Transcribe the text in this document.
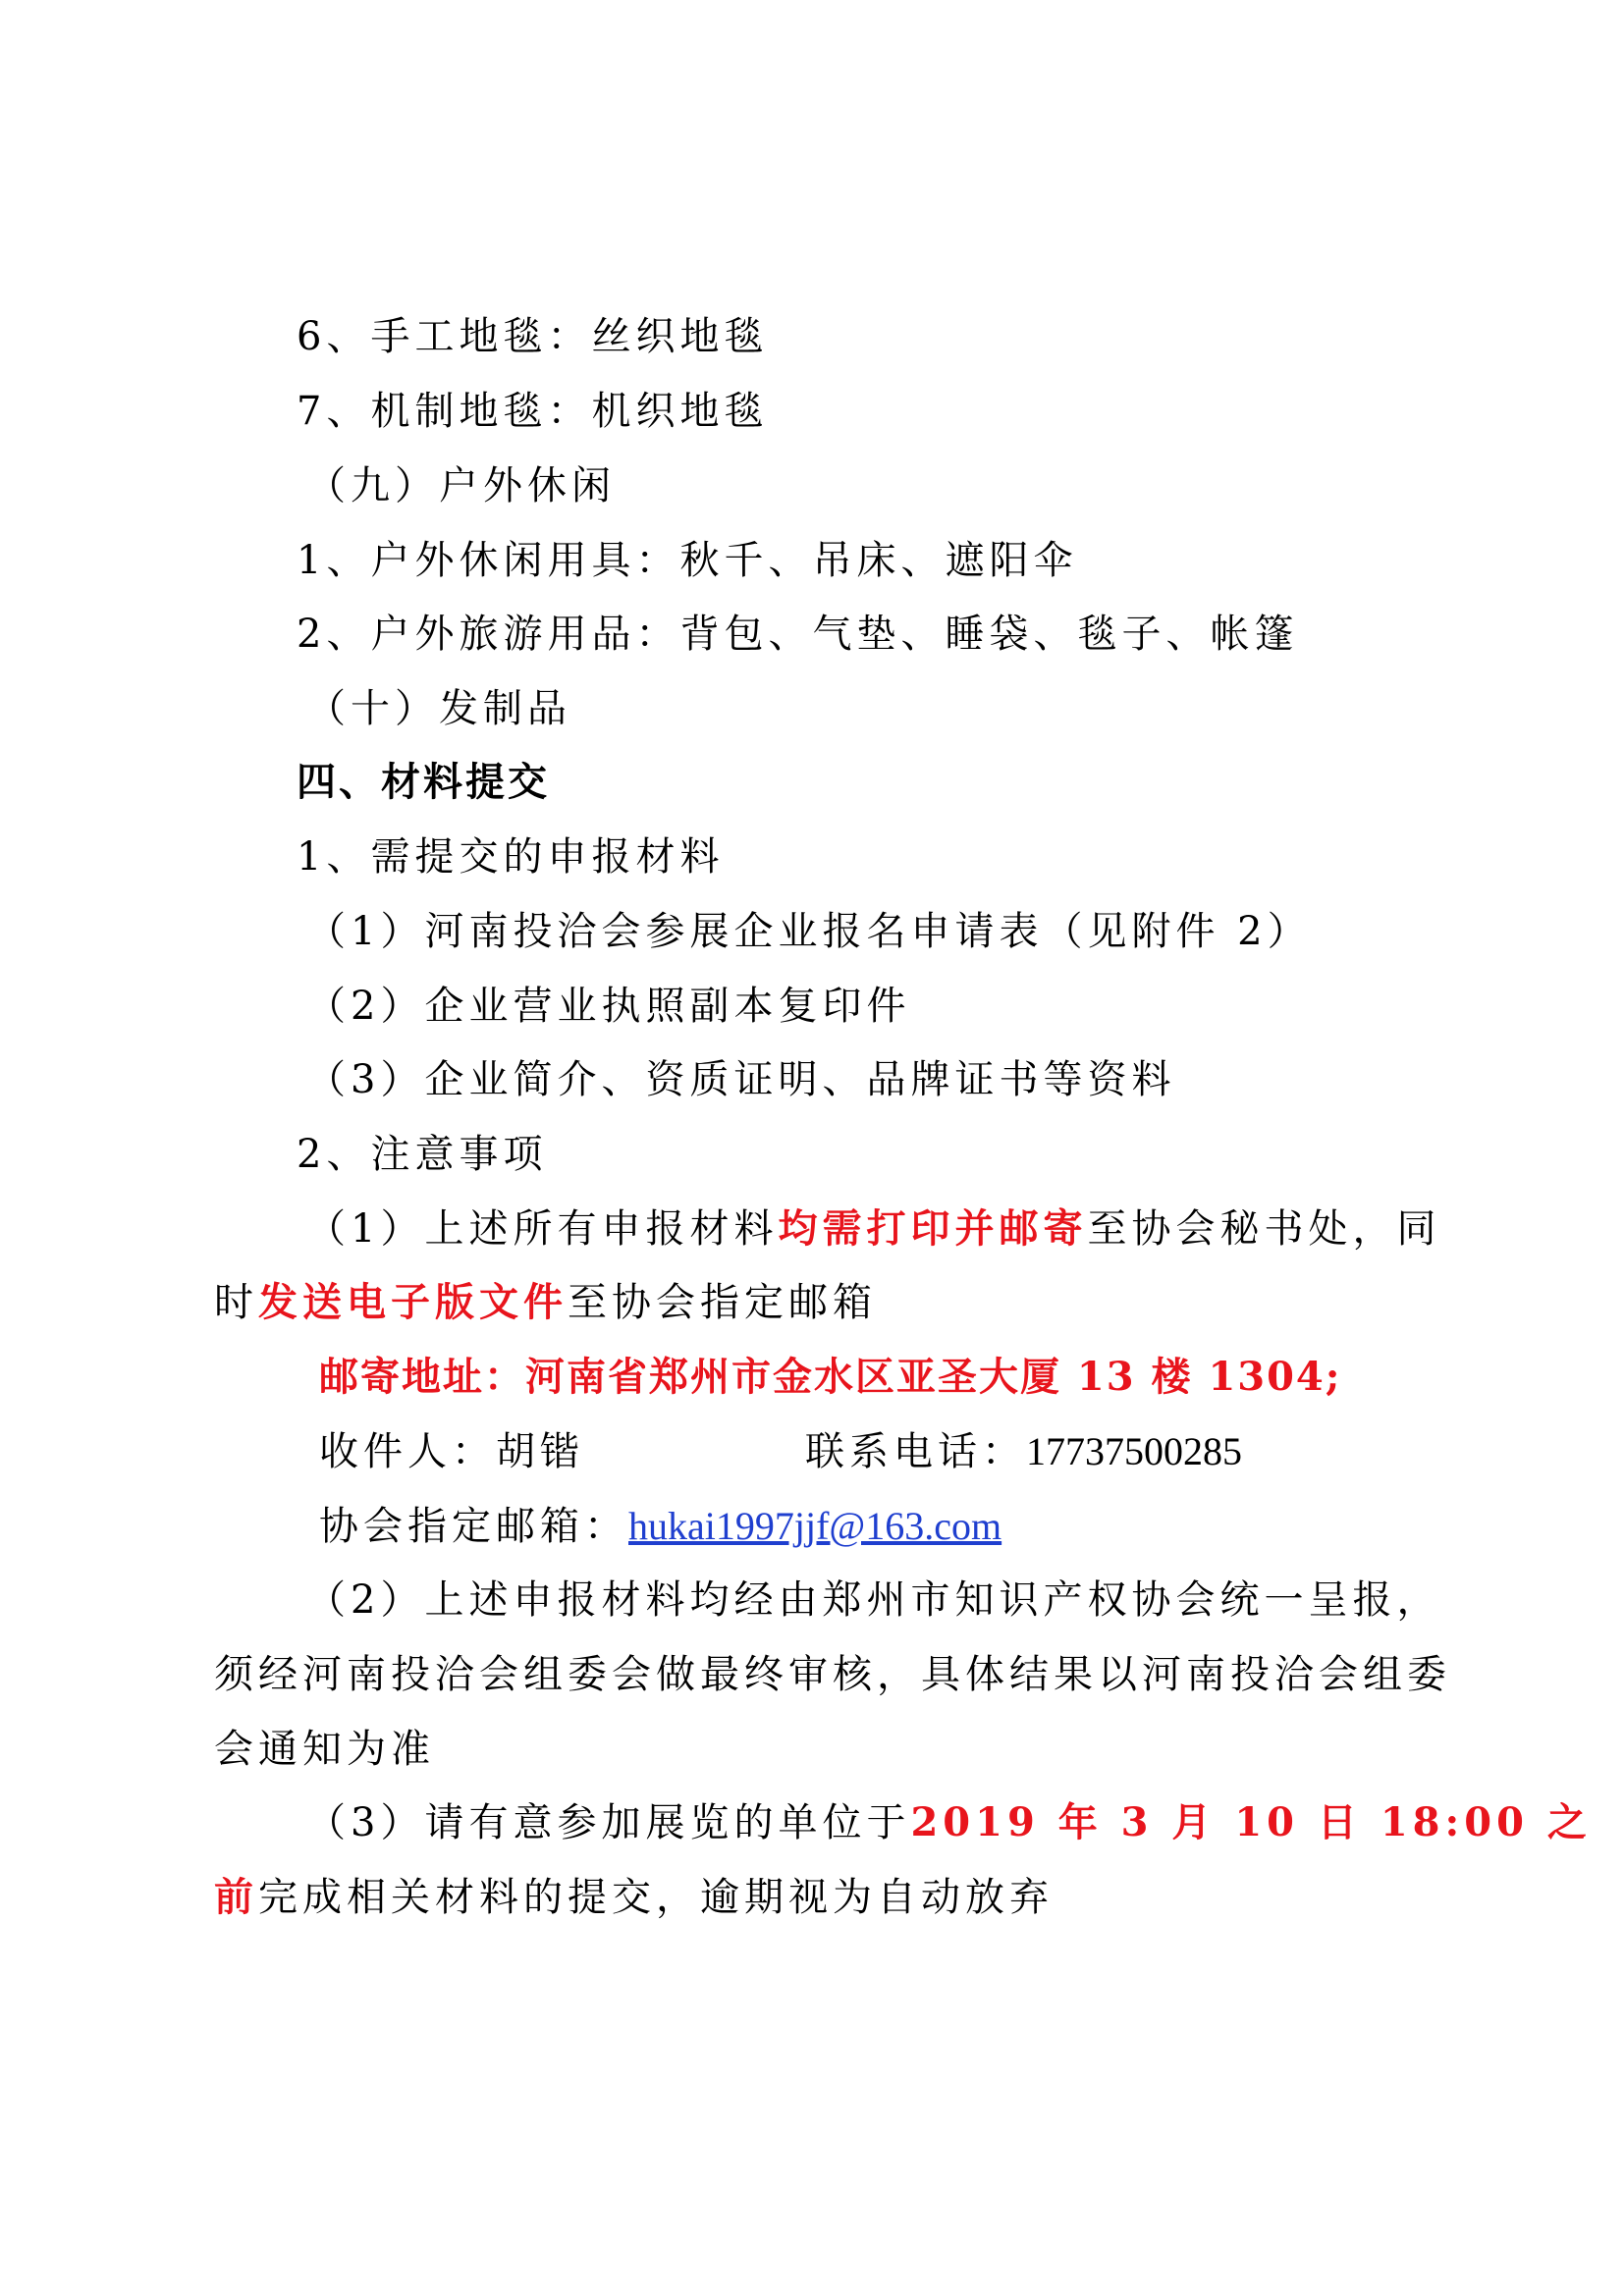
6、手工地毯：丝织地毯
7、机制地毯：机织地毯
（九）户外休闲
1、户外休闲用具：秋千、吊床、遮阳伞
2、户外旅游用品：背包、气垫、睡袋、毯子、帐篷
（十）发制品
四、材料提交
1、需提交的申报材料
（1）河南投洽会参展企业报名申请表（见附件 2）
（2）企业营业执照副本复印件
（3）企业简介、资质证明、品牌证书等资料
2、注意事项
（1）上述所有申报材料均需打印并邮寄至协会秘书处，同
时发送电子版文件至协会指定邮箱
邮寄地址：河南省郑州市金水区亚圣大厦 13 楼 1304;
收件人：胡锴	联系电话：17737500285
协会指定邮箱：hukai1997jjf@163.com
（2）上述申报材料均经由郑州市知识产权协会统一呈报，
须经河南投洽会组委会做最终审核，具体结果以河南投洽会组委
会通知为准
（3）请有意参加展览的单位于2019 年 3 月 10 日 18:00 之
前完成相关材料的提交，逾期视为自动放弃
